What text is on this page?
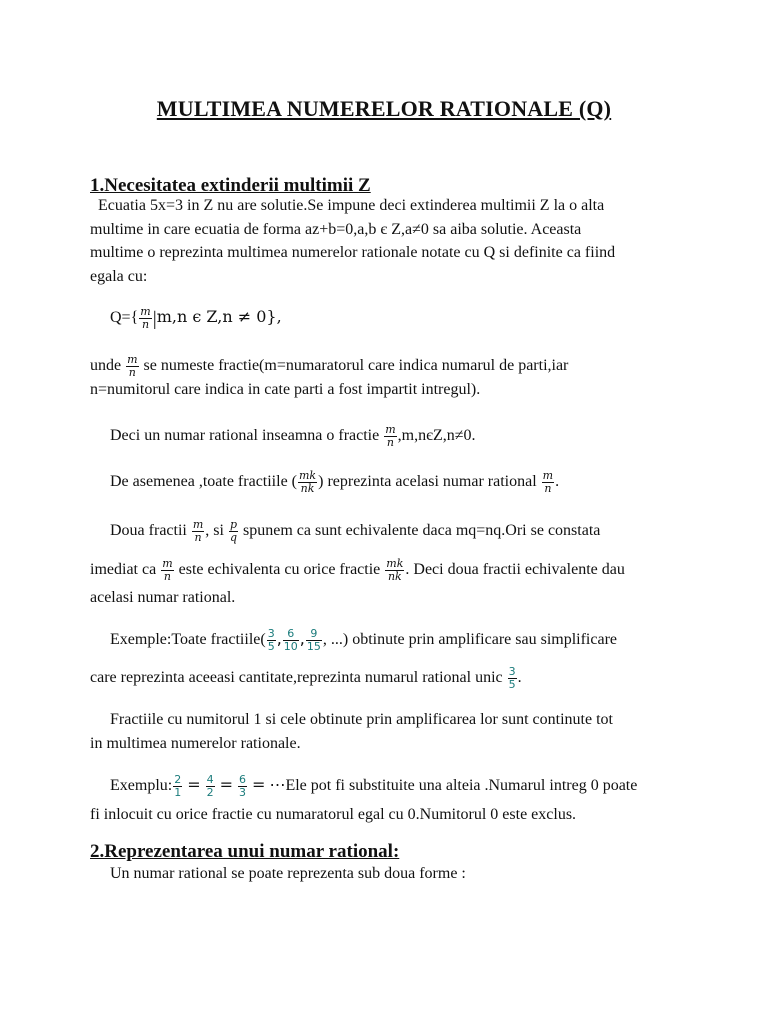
MULTIMEA NUMERELOR RATIONALE (Q)
1.Necesitatea extinderii multimii Z
Ecuatia 5x=3 in Z nu are solutie.Se impune deci extinderea multimii Z la o alta
multime in care ecuatia de forma az+b=0,a,b є Z,a≠0 sa aiba solutie. Aceasta
multime o reprezinta multimea numerelor rationale notate cu Q si definite ca fiind
egala cu:
$Q=\{ \frac{m}{n} |m,n$ є Z,n ≠ 0},
unde $\frac{m}{n}$ se numeste fractie(m=numaratorul care indica numarul de parti,iar
n=numitorul care indica in cate parti a fost impartit intregul).
Deci un numar rational inseamna o fractie $\frac{m}{n} ,m,nєZ,n\ne 0$.
De asemenea ,toate fractiile ( $\frac{mk}{nk}$ ) reprezinta acelasi numar rational $\frac{m}{n}$ .
Doua fractii $\frac{m}{n}$ , si $\frac{p}{q}$ spunem ca sunt echivalente daca mq=nq.Ori se constata
imediat ca $\frac{m}{n}$ este echivalenta cu orice fractie $\frac{mk}{nk}$ . Deci doua fractii echivalente dau
acelasi numar rational.
Exemple:Toate fractiile( $\frac{3}{5}$ , $\frac{6}{10}$ , $\frac{9}{15}$ , ...) obtinute prin amplificare sau simplificare
care reprezinta aceeasi cantitate,reprezinta numarul rational unic $\frac{3}{5}$ .
Fractiile cu numitorul 1 si cele obtinute prin amplificarea lor sunt continute tot
in multimea numerelor rationale.
Exemplu: $\frac{2}{1} = \frac{4}{2} = \frac{6}{3}$ = ⋯Ele pot fi substituite una alteia .Numarul intreg 0 poate
fi inlocuit cu orice fractie cu numaratorul egal cu 0.Numitorul 0 este exclus.
2.Reprezentarea unui numar rational:
Un numar rational se poate reprezenta sub doua forme :
